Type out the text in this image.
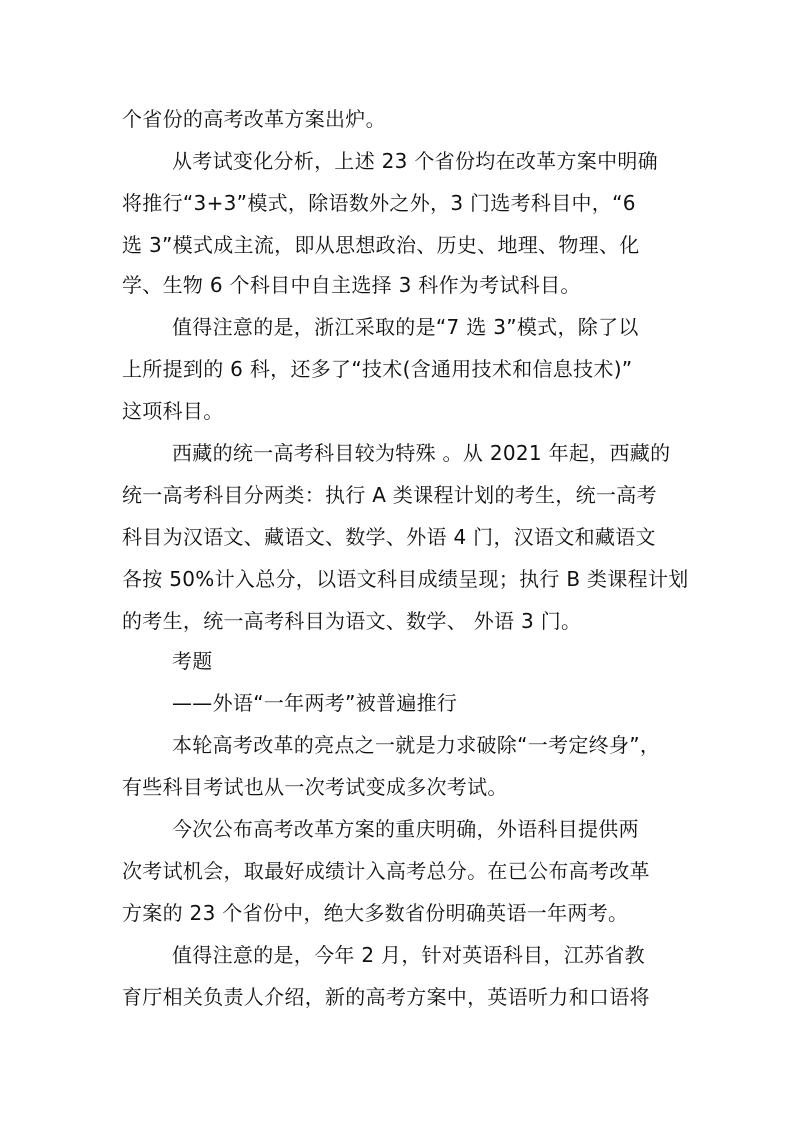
个省份的高考改革方案出炉。
从考试变化分析，上述 23 个省份均在改革方案中明确
将推行“3+3”模式，除语数外之外，3 门选考科目中，“6
选 3”模式成主流，即从思想政治、历史、地理、物理、化
学、生物 6 个科目中自主选择 3 科作为考试科目。
值得注意的是，浙江采取的是“7 选 3”模式，除了以
上所提到的 6 科，还多了“技术(含通用技术和信息技术)”
这项科目。
西藏的统一高考科目较为特殊 。从 2021 年起，西藏的
统一高考科目分两类：执行 A 类课程计划的考生，统一高考
科目为汉语文、藏语文、数学、外语 4 门，汉语文和藏语文
各按 50%计入总分，以语文科目成绩呈现；执行 B 类课程计划
的考生，统一高考科目为语文、数学、 外语 3 门。
考题
——外语“一年两考”被普遍推行
本轮高考改革的亮点之一就是力求破除“一考定终身”，
有些科目考试也从一次考试变成多次考试。
今次公布高考改革方案的重庆明确，外语科目提供两
次考试机会，取最好成绩计入高考总分。在已公布高考改革
方案的 23 个省份中，绝大多数省份明确英语一年两考。
值得注意的是，今年 2 月，针对英语科目，江苏省教
育厅相关负责人介绍，新的高考方案中，英语听力和口语将
